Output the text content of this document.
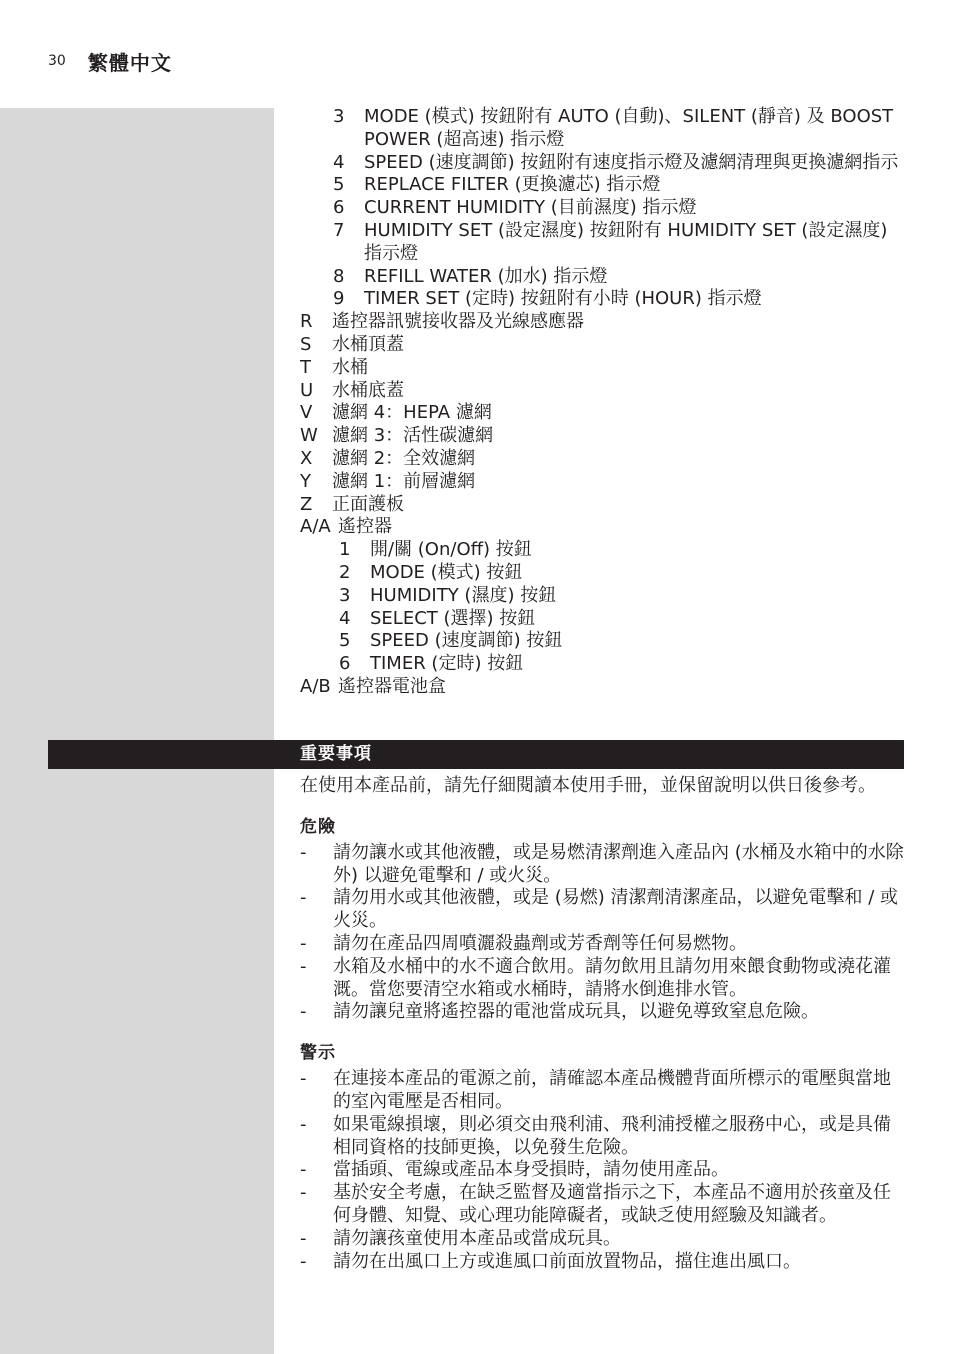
30 繁體中文
3	MODE (模式) 按鈕附有 AUTO (自動)、SILENT (靜音) 及 BOOST POWER (超高速) 指示燈
4	SPEED (速度調節) 按鈕附有速度指示燈及濾網清理與更換濾網指示
5	REPLACE FILTER (更換濾芯) 指示燈
6	CURRENT HUMIDITY (目前濕度) 指示燈
7	HUMIDITY SET (設定濕度) 按鈕附有 HUMIDITY SET (設定濕度) 指示燈
8	REFILL WATER (加水) 指示燈
9	TIMER SET (定時) 按鈕附有小時 (HOUR) 指示燈
R	遙控器訊號接收器及光線感應器
S	水桶頂蓋
T	水桶
U	水桶底蓋
V	濾網 4：HEPA 濾網
W 濾網 3：活性碳濾網
X	濾網 2：全效濾網
Y	濾網 1：前層濾網
Z	正面護板
A/A 遙控器
1	開/關 (On/Off) 按鈕
2	MODE (模式) 按鈕
3	HUMIDITY (濕度) 按鈕
4	SELECT (選擇) 按鈕
5	SPEED (速度調節) 按鈕
6	TIMER (定時) 按鈕
A/B 遙控器電池盒
重要事項
在使用本產品前，請先仔細閱讀本使用手冊，並保留說明以供日後參考。
危險
- 請勿讓水或其他液體，或是易燃清潔劑進入產品內 (水桶及水箱中的水除外) 以避免電擊和 / 或火災。
- 請勿用水或其他液體，或是 (易燃) 清潔劑清潔產品，以避免電擊和 / 或火災。
- 請勿在產品四周噴灑殺蟲劑或芳香劑等任何易燃物。
- 水箱及水桶中的水不適合飲用。請勿飲用且請勿用來餵食動物或澆花灌溉。當您要清空水箱或水桶時，請將水倒進排水管。
- 請勿讓兒童將遙控器的電池當成玩具，以避免導致窒息危險。
警示
- 在連接本產品的電源之前，請確認本產品機體背面所標示的電壓與當地的室內電壓是否相同。
- 如果電線損壞，則必須交由飛利浦、飛利浦授權之服務中心，或是具備相同資格的技師更換，以免發生危險。
- 當插頭、電線或產品本身受損時，請勿使用產品。
- 基於安全考慮，在缺乏監督及適當指示之下，本產品不適用於孩童及任何身體、知覺、或心理功能障礙者，或缺乏使用經驗及知識者。
- 請勿讓孩童使用本產品或當成玩具。
- 請勿在出風口上方或進風口前面放置物品，擋住進出風口。
